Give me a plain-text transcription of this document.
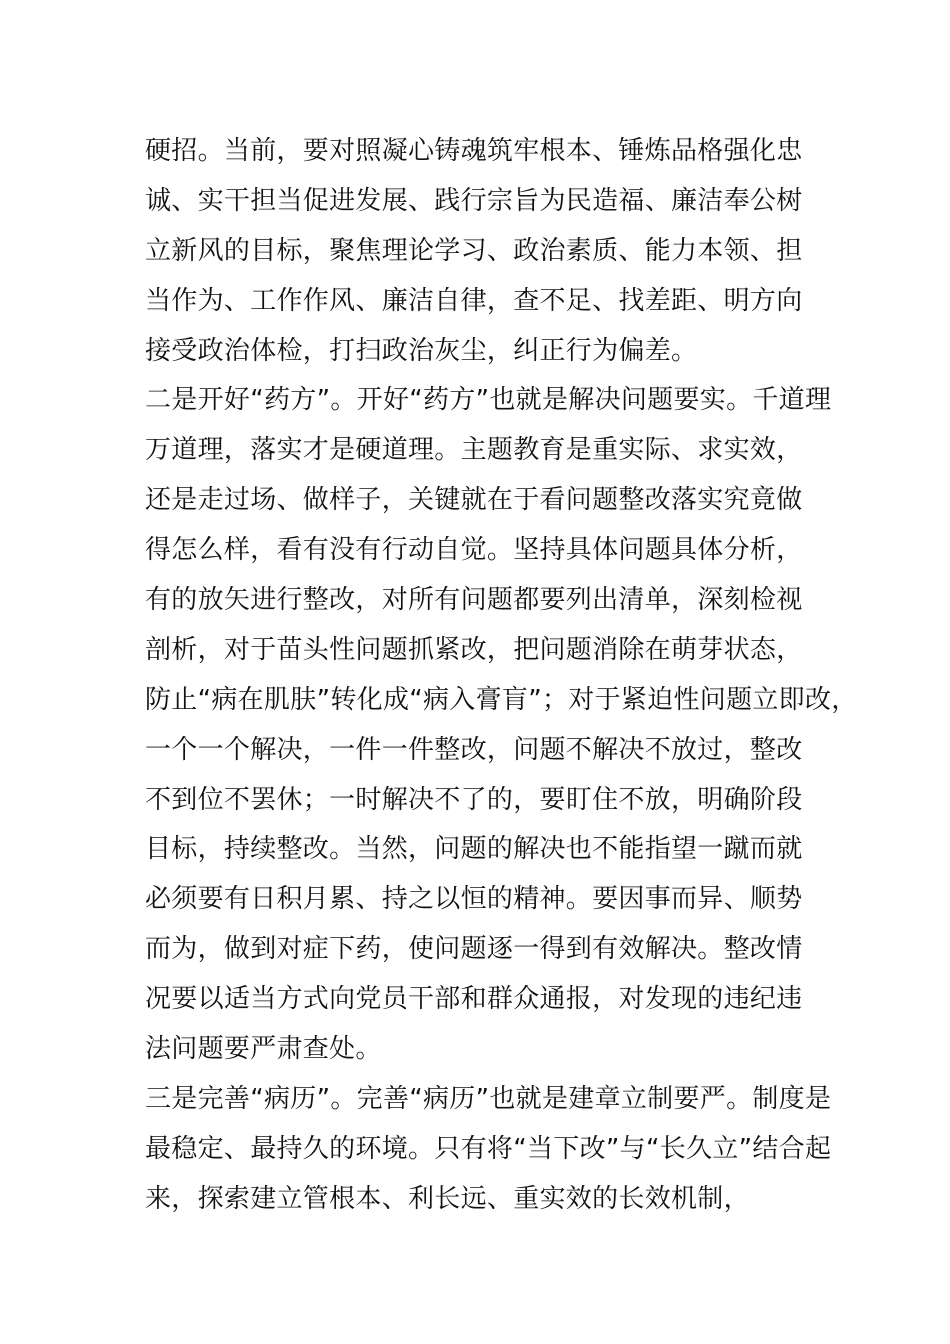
硬招。当前，要对照凝心铸魂筑牢根本、锤炼品格强化忠
诚、实干担当促进发展、践行宗旨为民造福、廉洁奉公树
立新风的目标，聚焦理论学习、政治素质、能力本领、担
当作为、工作作风、廉洁自律，查不足、找差距、明方向
接受政治体检，打扫政治灰尘，纠正行为偏差。
二是开好“药方”。开好“药方”也就是解决问题要实。千道理
万道理，落实才是硬道理。主题教育是重实际、求实效，
还是走过场、做样子，关键就在于看问题整改落实究竟做
得怎么样，看有没有行动自觉。坚持具体问题具体分析，
有的放矢进行整改，对所有问题都要列出清单，深刻检视
剖析，对于苗头性问题抓紧改，把问题消除在萌芽状态，
防止“病在肌肤”转化成“病入膏肓”；对于紧迫性问题立即改，
一个一个解决，一件一件整改，问题不解决不放过，整改
不到位不罢休；一时解决不了的，要盯住不放，明确阶段
目标，持续整改。当然，问题的解决也不能指望一蹴而就
必须要有日积月累、持之以恒的精神。要因事而异、顺势
而为，做到对症下药，使问题逐一得到有效解决。整改情
况要以适当方式向党员干部和群众通报，对发现的违纪违
法问题要严肃查处。
三是完善“病历”。完善“病历”也就是建章立制要严。制度是
最稳定、最持久的环境。只有将“当下改”与“长久立”结合起
来，探索建立管根本、利长远、重实效的长效机制，
